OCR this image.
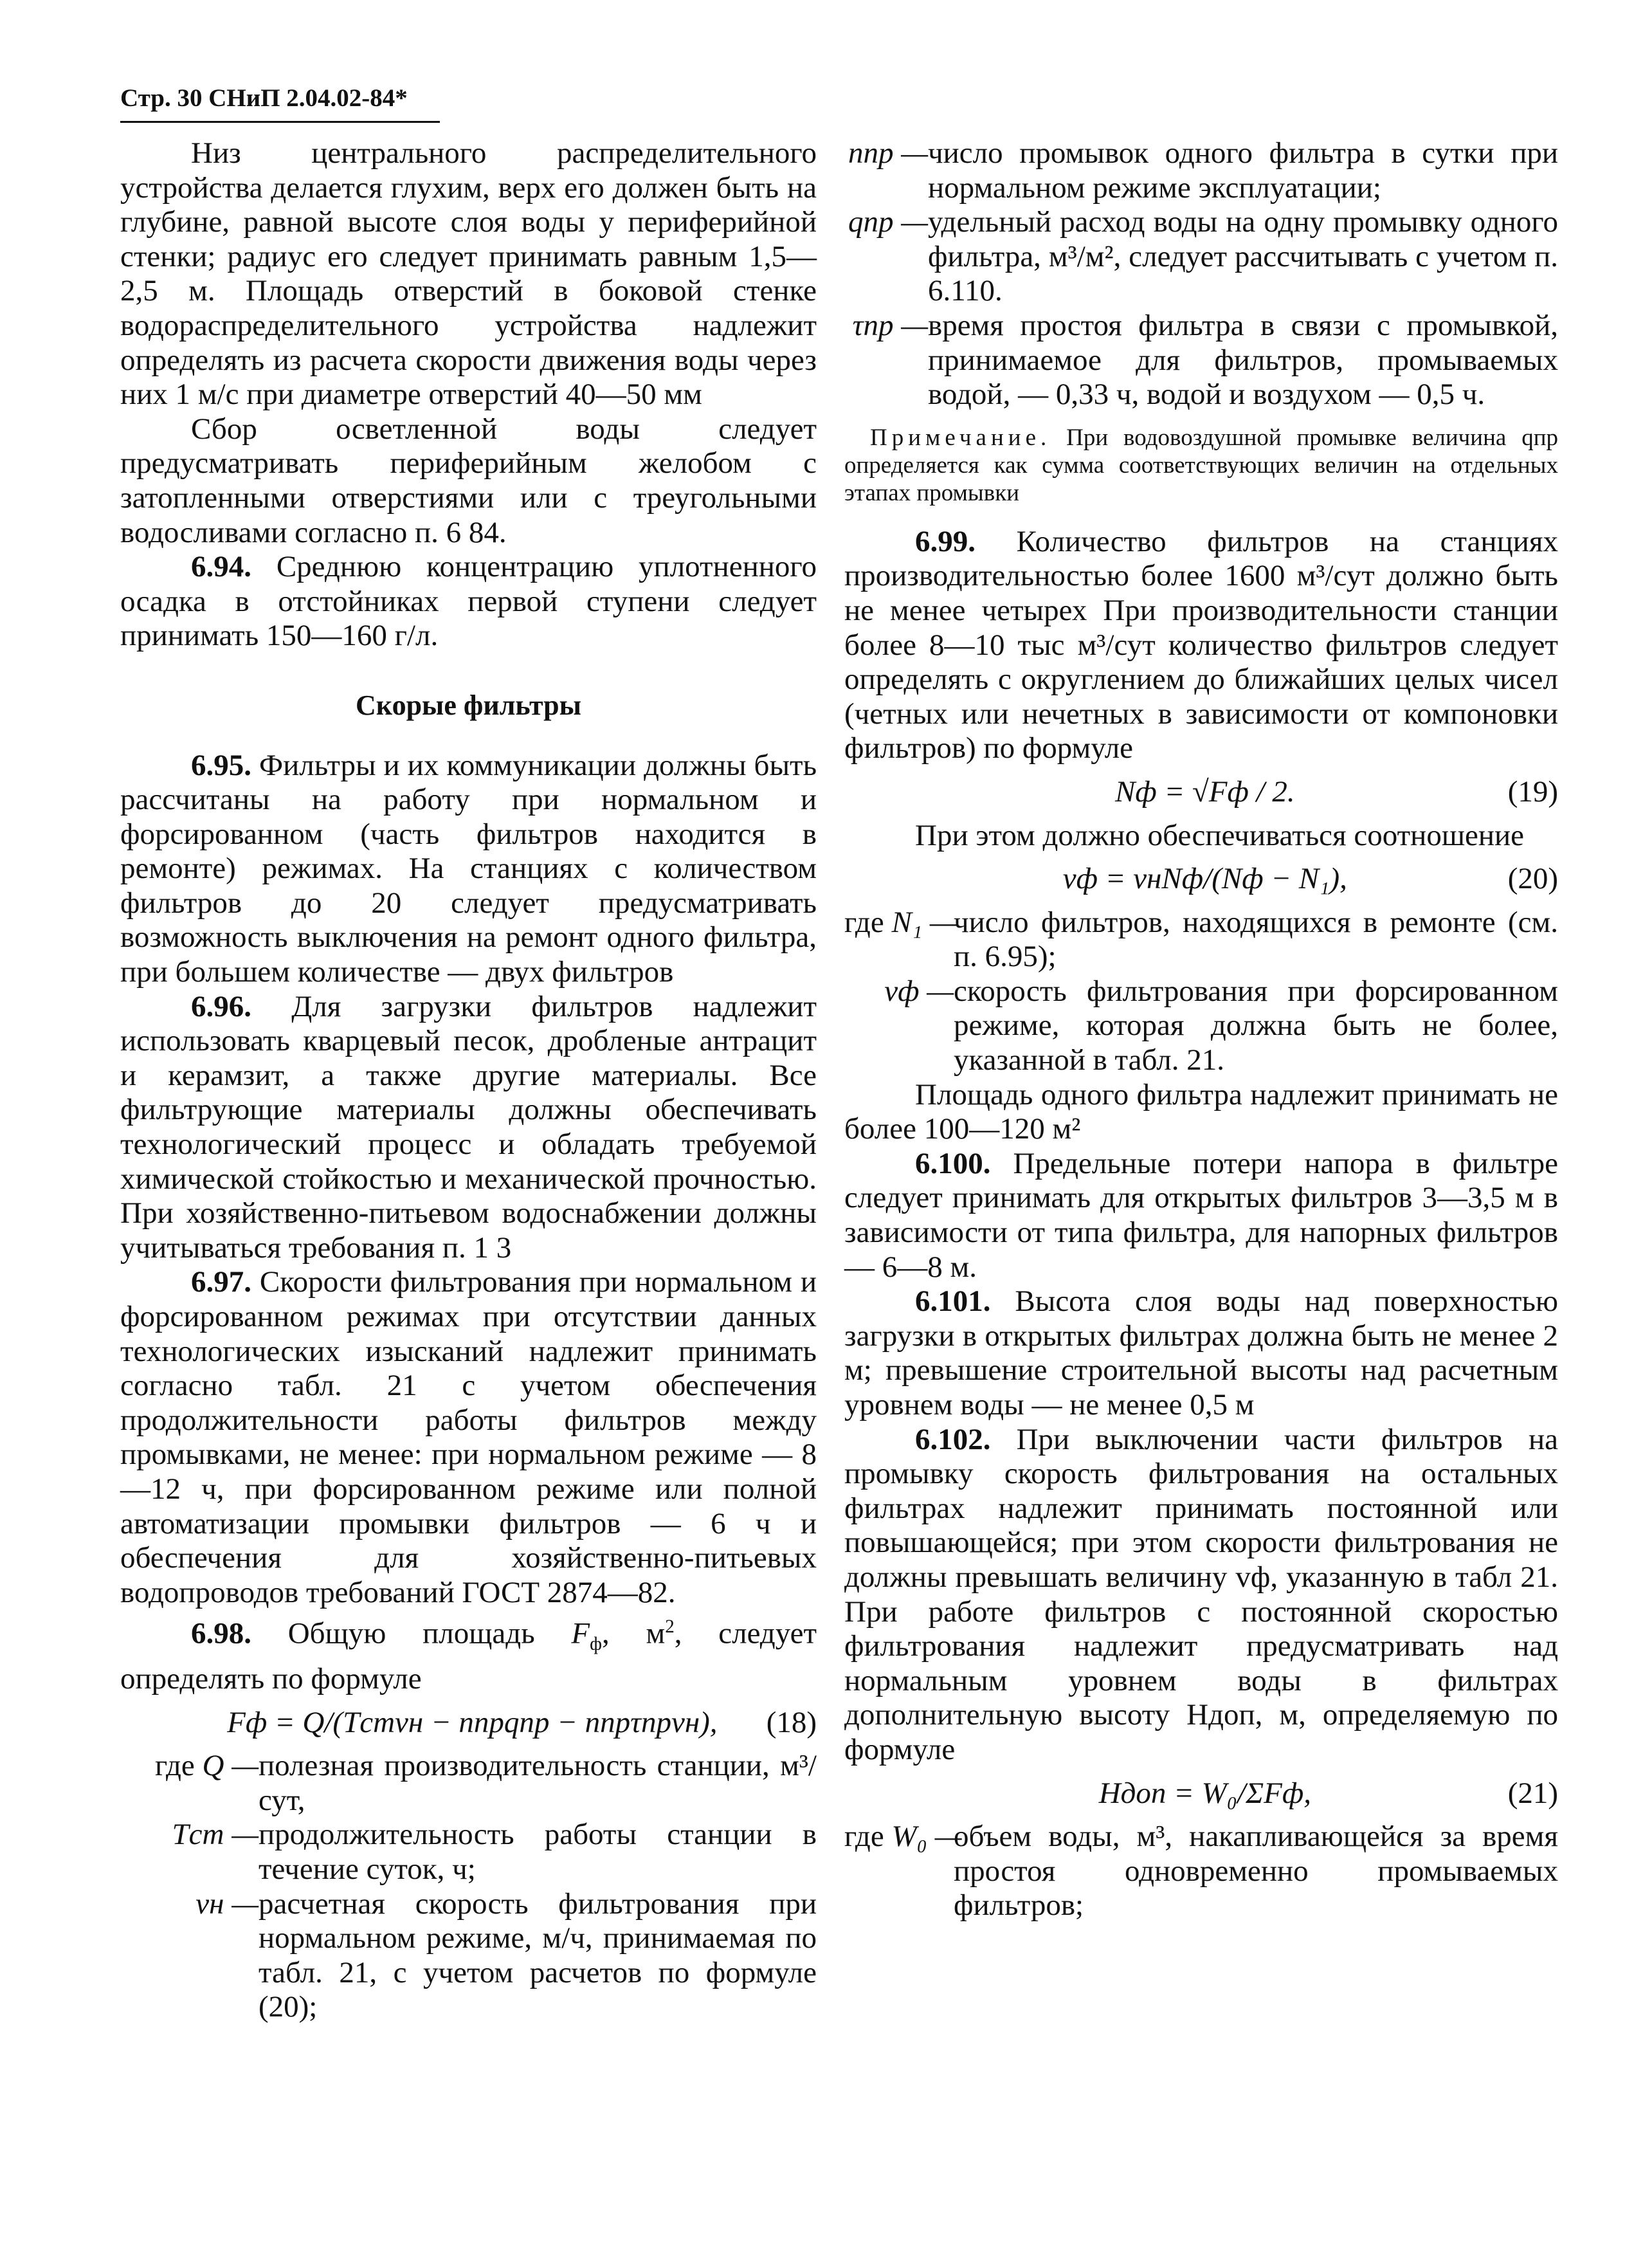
Стр. 30 СНиП 2.04.02-84*

Низ центрального распределительного устройства делается глухим, верх его должен быть на глубине, равной высоте слоя воды у периферийной стенки; радиус его следует принимать равным 1,5—2,5 м. Площадь отверстий в боковой стенке водораспределительного устройства надлежит определять из расчета скорости движения воды через них 1 м/с при диаметре отверстий 40—50 мм

Сбор осветленной воды следует предусматривать периферийным желобом с затопленными отверстиями или с треугольными водосливами согласно п. 6 84.

6.94. Среднюю концентрацию уплотненного осадка в отстойниках первой ступени следует принимать 150—160 г/л.

Скорые фильтры

6.95. Фильтры и их коммуникации должны быть рассчитаны на работу при нормальном и форсированном (часть фильтров находится в ремонте) режимах. На станциях с количеством фильтров до 20 следует предусматривать возможность выключения на ремонт одного фильтра, при большем количестве — двух фильтров

6.96. Для загрузки фильтров надлежит использовать кварцевый песок, дробленые антрацит и керамзит, а также другие материалы. Все фильтрующие материалы должны обеспечивать технологический процесс и обладать требуемой химической стойкостью и механической прочностью. При хозяйственно-питьевом водоснабжении должны учитываться требования п. 1 3

6.97. Скорости фильтрования при нормальном и форсированном режимах при отсутствии данных технологических изысканий надлежит принимать согласно табл. 21 с учетом обеспечения продолжительности работы фильтров между промывками, не менее: при нормальном режиме — 8—12 ч, при форсированном режиме или полной автоматизации промывки фильтров — 6 ч и обеспечения для хозяйственно-питьевых водопроводов требований ГОСТ 2874—82.

6.98. Общую площадь $F_ф$, $м^2$, следует определять по формуле

Fф = Q/(Tстvн − nпрqпр − nпрτпрvн),	(18)
где Q — полезная производительность станции, м³/сут,
Tст — продолжительность работы станции в течение суток, ч;
vн — расчетная скорость фильтрования при нормальном режиме, м/ч, принимаемая по табл. 21, с учетом расчетов по формуле (20);
nпр — число промывок одного фильтра в сутки при нормальном режиме эксплуатации;
qпр — удельный расход воды на одну промывку одного фильтра, м³/м², следует рассчитывать с учетом п. 6.110.
τпр — время простоя фильтра в связи с промывкой, принимаемое для фильтров, промываемых водой, — 0,33 ч, водой и воздухом — 0,5 ч.

Примечание. При водовоздушной промывке величина qпр определяется как сумма соответствующих величин на отдельных этапах промывки

6.99. Количество фильтров на станциях производительностью более 1600 м³/сут должно быть не менее четырех При производительности станции более 8—10 тыс м³/сут количество фильтров следует определять с округлением до ближайших целых чисел (четных или нечетных в зависимости от компоновки фильтров) по формуле

Nф = √Fф / 2.	(19)

При этом должно обеспечиваться соотношение

vф = vнNф/(Nф − N₁),	(20)
где N₁ —
число фильтров, находящихся в ремонте (см. п. 6.95);
vф — скорость фильтрования при форсированном режиме, которая должна быть не более, указанной в табл. 21.

Площадь одного фильтра надлежит принимать не более 100—120 м²

6.100. Предельные потери напора в фильтре следует принимать для открытых фильтров 3—3,5 м в зависимости от типа фильтра, для напорных фильтров — 6—8 м.

6.101. Высота слоя воды над поверхностью загрузки в открытых фильтрах должна быть не менее 2 м; превышение строительной высоты над расчетным уровнем воды — не менее 0,5 м

6.102. При выключении части фильтров на промывку скорость фильтрования на остальных фильтрах надлежит принимать постоянной или повышающейся; при этом скорости фильтрования не должны превышать величину vф, указанную в табл 21. При работе фильтров с постоянной скоростью фильтрования надлежит предусматривать над нормальным уровнем воды в фильтрах дополнительную высоту Hдоп, м, определяемую по формуле

Hдоп = W₀/ΣFф,	(21)
где W₀ —
объем воды, м³, накапливающейся за время простоя одновременно промываемых фильтров;
